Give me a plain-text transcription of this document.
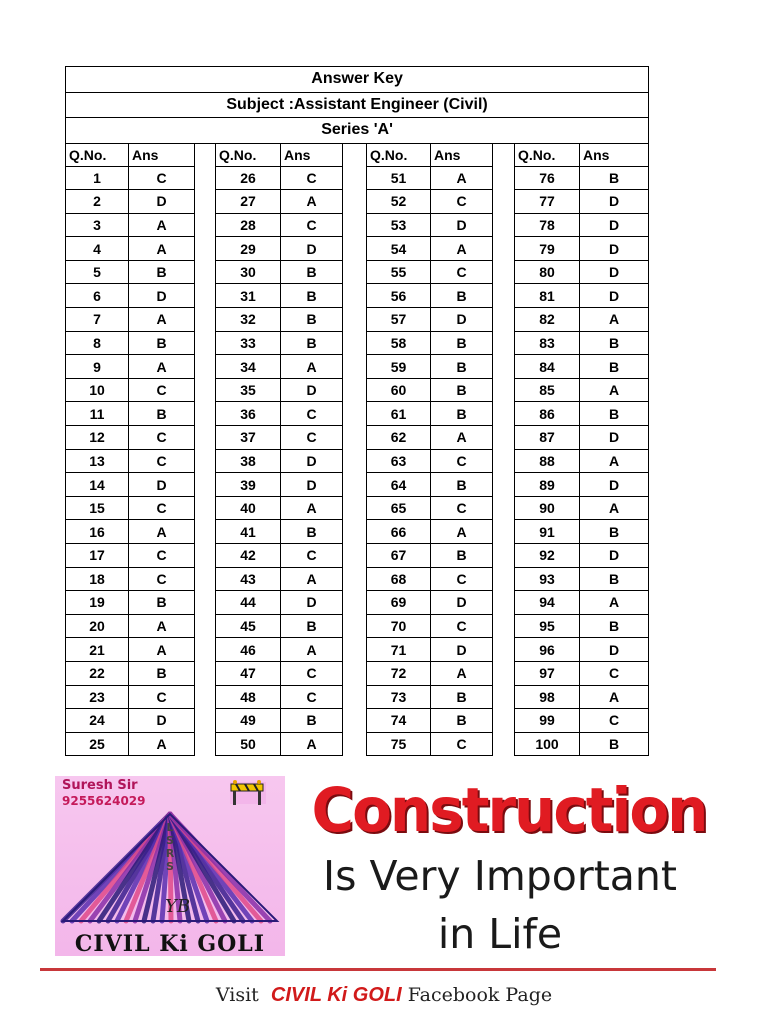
Answer Key										
Subject :Assistant Engineer (Civil)										
Series 'A'										
Q.No.	Ans		Q.No.	Ans		Q.No.	Ans		Q.No.	Ans
1	C		26	C		51	A		76	B
2	D		27	A		52	C		77	D
3	A		28	C		53	D		78	D
4	A		29	D		54	A		79	D
5	B		30	B		55	C		80	D
6	D		31	B		56	B		81	D
7	A		32	B		57	D		82	A
8	B		33	B		58	B		83	B
9	A		34	A		59	B		84	B
10	C		35	D		60	B		85	A
11	B		36	C		61	B		86	B
12	C		37	C		62	A		87	D
13	C		38	D		63	C		88	A
14	D		39	D		64	B		89	D
15	C		40	A		65	C		90	A
16	A		41	B		66	A		91	B
17	C		42	C		67	B		92	D
18	C		43	A		68	C		93	B
19	B		44	D		69	D		94	A
20	A		45	B		70	C		95	B
21	A		46	A		71	D		96	D
22	B		47	C		72	A		97	C
23	C		48	C		73	B		98	A
24	D		49	B		74	B		99	C
25	A		50	A		75	C		100	B
Suresh Sir
9255624029
L
S
R
S
YB
CIVIL Ki GOLI
Construction
Is Very Important
in Life
Visit CIVIL Ki GOLI Facebook Page
